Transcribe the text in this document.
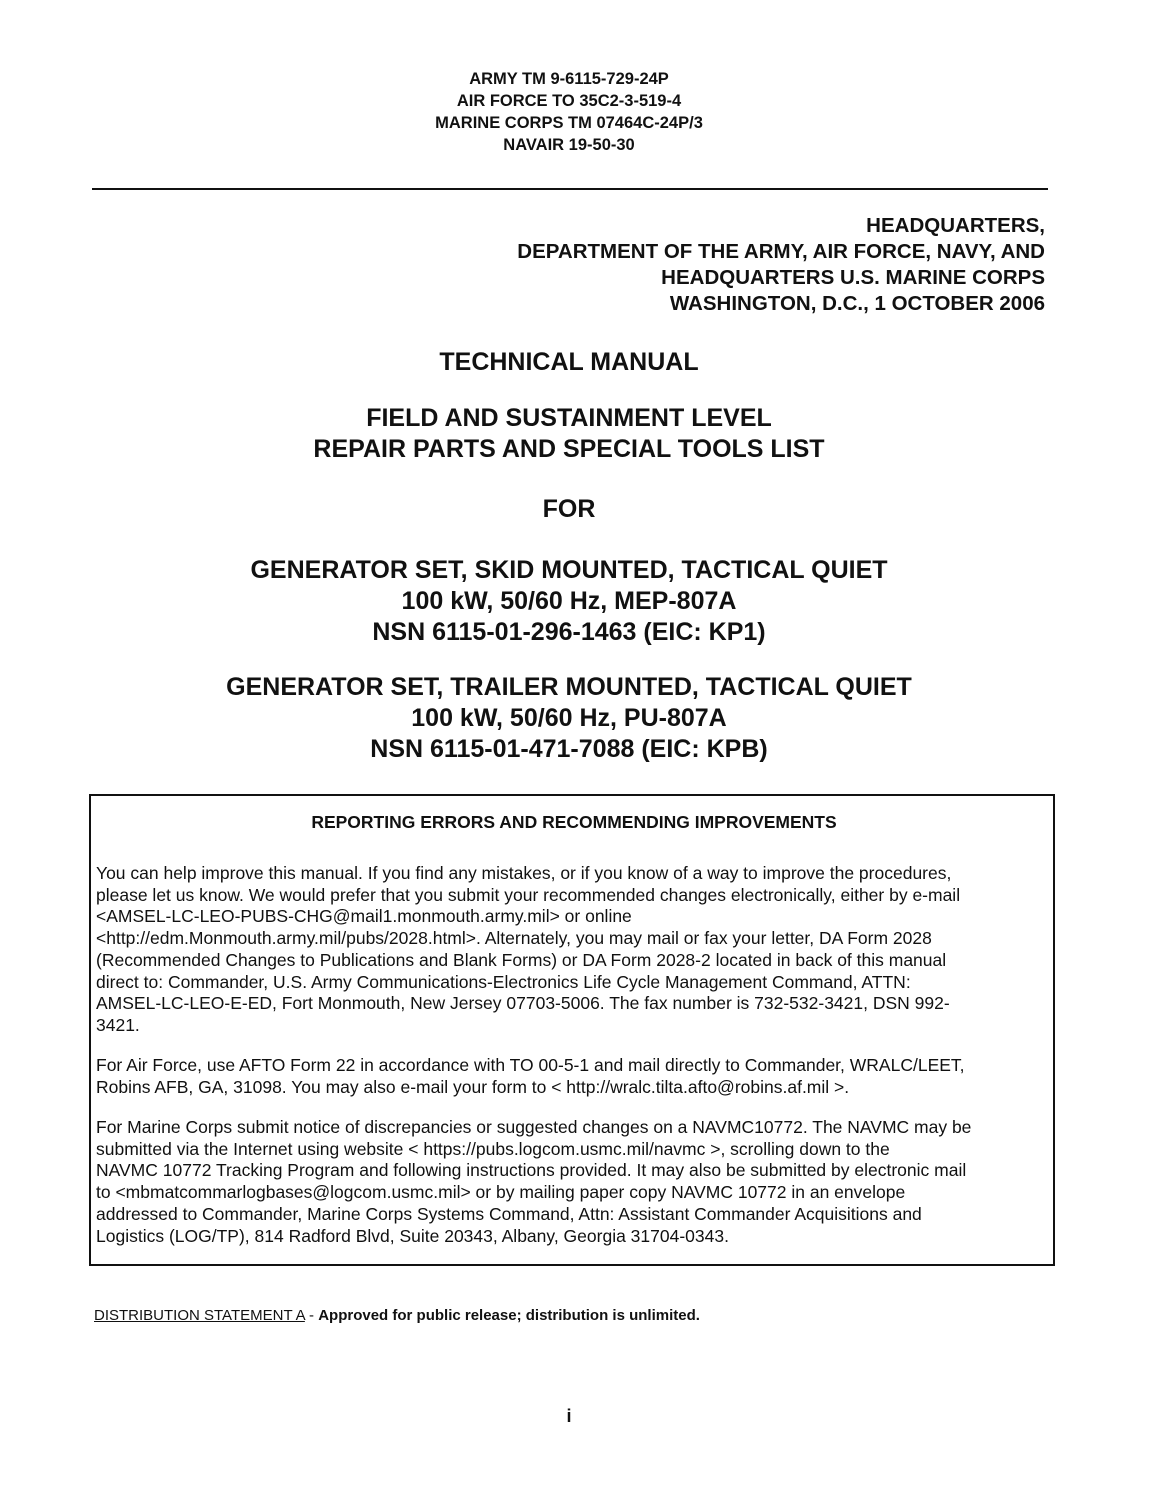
ARMY TM 9-6115-729-24P
AIR FORCE TO 35C2-3-519-4
MARINE CORPS TM 07464C-24P/3
NAVAIR 19-50-30
HEADQUARTERS,
DEPARTMENT OF THE ARMY, AIR FORCE, NAVY, AND
HEADQUARTERS U.S. MARINE CORPS
WASHINGTON, D.C., 1 OCTOBER 2006
TECHNICAL MANUAL
FIELD AND SUSTAINMENT LEVEL
REPAIR PARTS AND SPECIAL TOOLS LIST
FOR
GENERATOR SET, SKID MOUNTED, TACTICAL QUIET
100 kW, 50/60 Hz, MEP-807A
NSN 6115-01-296-1463 (EIC: KP1)
GENERATOR SET, TRAILER MOUNTED, TACTICAL QUIET
100 kW, 50/60 Hz, PU-807A
NSN 6115-01-471-7088 (EIC: KPB)
REPORTING ERRORS AND RECOMMENDING IMPROVEMENTS

You can help improve this manual. If you find any mistakes, or if you know of a way to improve the procedures,
please let us know. We would prefer that you submit your recommended changes electronically, either by e-mail
<AMSEL-LC-LEO-PUBS-CHG@mail1.monmouth.army.mil> or online
<http://edm.Monmouth.army.mil/pubs/2028.html>. Alternately, you may mail or fax your letter, DA Form 2028
(Recommended Changes to Publications and Blank Forms) or DA Form 2028-2 located in back of this manual
direct to: Commander, U.S. Army Communications-Electronics Life Cycle Management Command, ATTN:
AMSEL-LC-LEO-E-ED, Fort Monmouth, New Jersey 07703-5006. The fax number is 732-532-3421, DSN 992-
3421.

For Air Force, use AFTO Form 22 in accordance with TO 00-5-1 and mail directly to Commander, WRALC/LEET,
Robins AFB, GA, 31098. You may also e-mail your form to < http://wralc.tilta.afto@robins.af.mil >.

For Marine Corps submit notice of discrepancies or suggested changes on a NAVMC10772. The NAVMC may be
submitted via the Internet using website < https://pubs.logcom.usmc.mil/navmc >, scrolling down to the
NAVMC 10772 Tracking Program and following instructions provided. It may also be submitted by electronic mail
to <mbmatcommarlogbases@logcom.usmc.mil> or by mailing paper copy NAVMC 10772 in an envelope
addressed to Commander, Marine Corps Systems Command, Attn: Assistant Commander Acquisitions and
Logistics (LOG/TP), 814 Radford Blvd, Suite 20343, Albany, Georgia 31704-0343.

DISTRIBUTION STATEMENT A - Approved for public release; distribution is unlimited.
i
